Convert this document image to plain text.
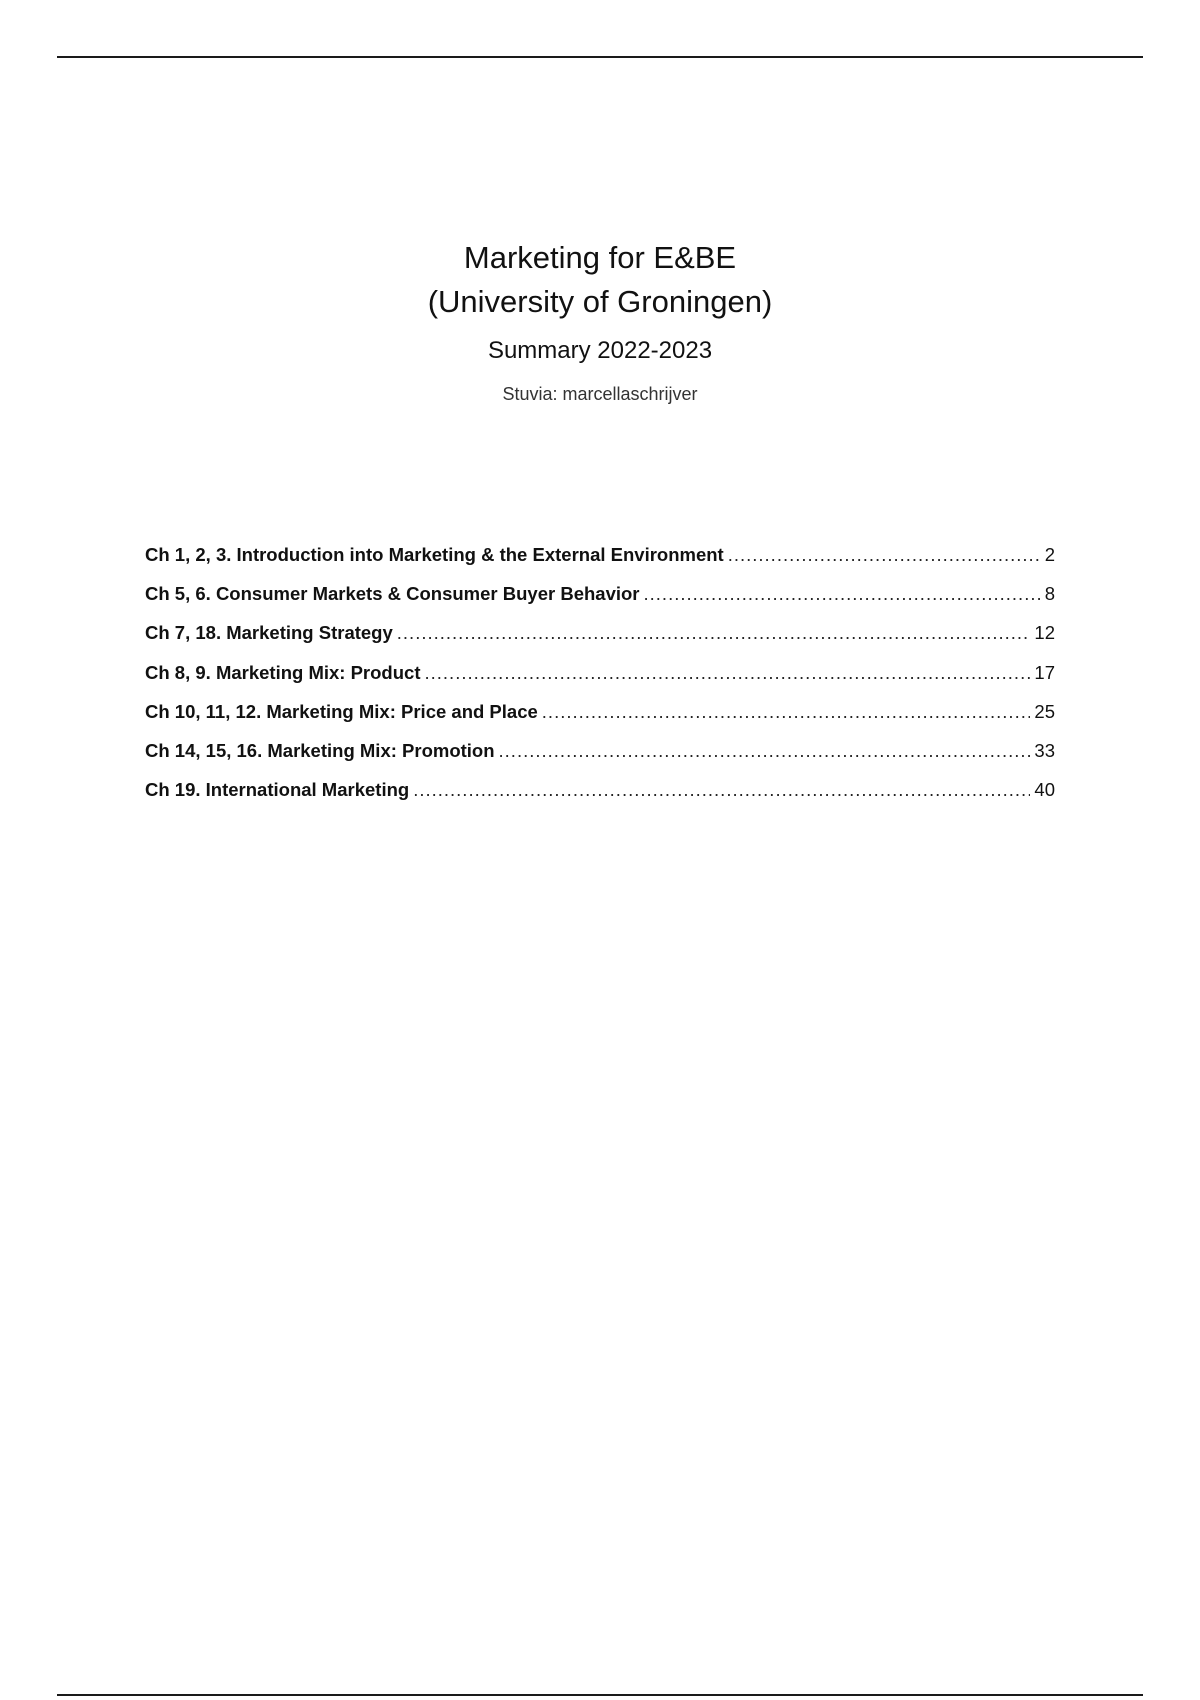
Marketing for E&BE
(University of Groningen)
Summary 2022-2023
Stuvia: marcellaschrijver
Ch 1, 2, 3. Introduction into Marketing & the External Environment .....	2
Ch 5, 6. Consumer Markets & Consumer Buyer Behavior .....	8
Ch 7, 18. Marketing Strategy .....	12
Ch 8, 9. Marketing Mix: Product .....	17
Ch 10, 11, 12. Marketing Mix: Price and Place .....	25
Ch 14, 15, 16. Marketing Mix: Promotion .....	33
Ch 19. International Marketing .....	40
